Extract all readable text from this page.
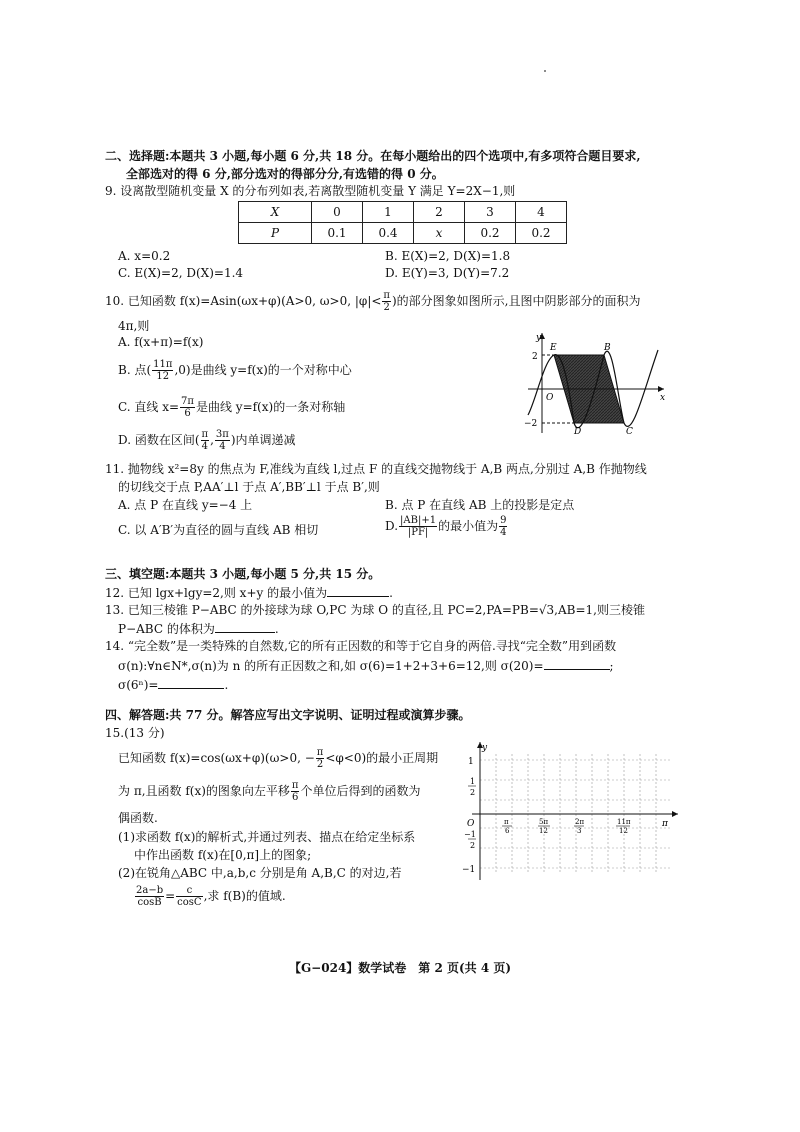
二、选择题:本题共 3 小题,每小题 6 分,共 18 分。在每小题给出的四个选项中,有多项符合题目要求,
全部选对的得 6 分,部分选对的得部分分,有选错的得 0 分。
9. 设离散型随机变量 X 的分布列如表,若离散型随机变量 Y 满足 Y=2X−1,则
X	0	1	2	3	4
P	0.1	0.4	x	0.2	0.2
A. x=0.2	B. E(X)=2, D(X)=1.8
C. E(X)=2, D(X)=1.4	D. E(Y)=3, D(Y)=7.2
10. 已知函数 f(x)=Asin(ωx+φ)(A>0, ω>0, $|\varphi|< \frac{\pi}{2}$ )的部分图象如图所示,且图中阴影部分的面积为
4π,则
A. f(x+π)=f(x)
B. 点( $\frac{11\pi}{12} ,0$)是曲线 y=f(x)的一个对称中心
C. 直线 $x= \frac{7\pi}{6}$ 是曲线 y=f(x)的一条对称轴
D. 函数在区间( $\frac{\pi}{4}$ , $\frac{3\pi}{4}$ )内单调递减
y
x
2
−2
O
E	B
D	C
11. 抛物线 x²=8y 的焦点为 F,准线为直线 l,过点 F 的直线交抛物线于 A,B 两点,分别过 A,B 作抛物线
的切线交于点 P,AA′⊥l 于点 A′,BB′⊥l 于点 B′,则
A. 点 P 在直线 y=−4 上	B. 点 P 在直线 AB 上的投影是定点
C. 以 A′B′为直径的圆与直线 AB 相切	D. $\frac{|AB|+1}{|PF|}$ 的最小值为 $\frac{9}{4}$
三、填空题:本题共 3 小题,每小题 5 分,共 15 分。
12. 已知 lgx+lgy=2,则 x+y 的最小值为	.
13. 已知三棱锥 P−ABC 的外接球为球 O,PC 为球 O 的直径,且 PC=2,PA=PB=√3,AB=1,则三棱锥
P−ABC 的体积为	.
14. “完全数”是一类特殊的自然数,它的所有正因数的和等于它自身的两倍.寻找“完全数”用到函数
σ(n):∀n∈N*,σ(n)为 n 的所有正因数之和,如 σ(6)=1+2+3+6=12,则 σ(20)=	;
σ(6ⁿ)=	.
四、解答题:共 77 分。解答应写出文字说明、证明过程或演算步骤。
15.(13 分)
已知函数 f(x)=cos(ωx+φ)(ω>0, − $\frac{\pi}{2} <\varphi<0$)的最小正周期
为 π,且函数 f(x)的图象向左平移 $\frac{\pi}{6}$ 个单位后得到的函数为
偶函数.
(1)求函数 f(x)的解析式,并通过列表、描点在给定坐标系
中作出函数 f(x)在[0,π]上的图象;
(2)在锐角△ABC 中,a,b,c 分别是角 A,B,C 的对边,若
$\frac{2a-b}{\cos B} = \frac{c}{\cos C}$ ,求 f(B)的值域.
y
O	π
1
1
2
−1
2
−1
π
6
5π
12
2π
3
11π
12
【G−024】数学试卷　第 2 页(共 4 页)
